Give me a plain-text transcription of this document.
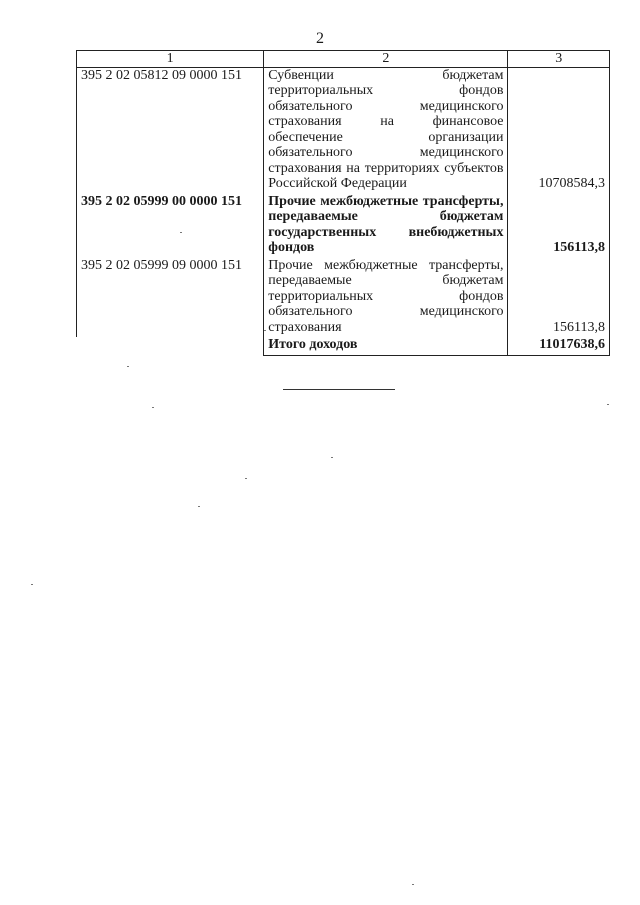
2
1	2	3
395 2 02 05812 09 0000 151	Субвенции бюджетам территориальных фондов обязательного медицинского страхования на финансовое обеспечение организации обязательного медицинского страхования на территориях субъектов Российской Федерации	10708584,3
395 2 02 05999 00 0000 151	Прочие межбюджетные трансферты, передаваемые бюджетам государственных внебюджетных фондов	156113,8
395 2 02 05999 09 0000 151	Прочие межбюджетные трансферты, передаваемые бюджетам территориальных фондов обязательного медицинского страхования	156113,8
	Итого доходов	11017638,6
